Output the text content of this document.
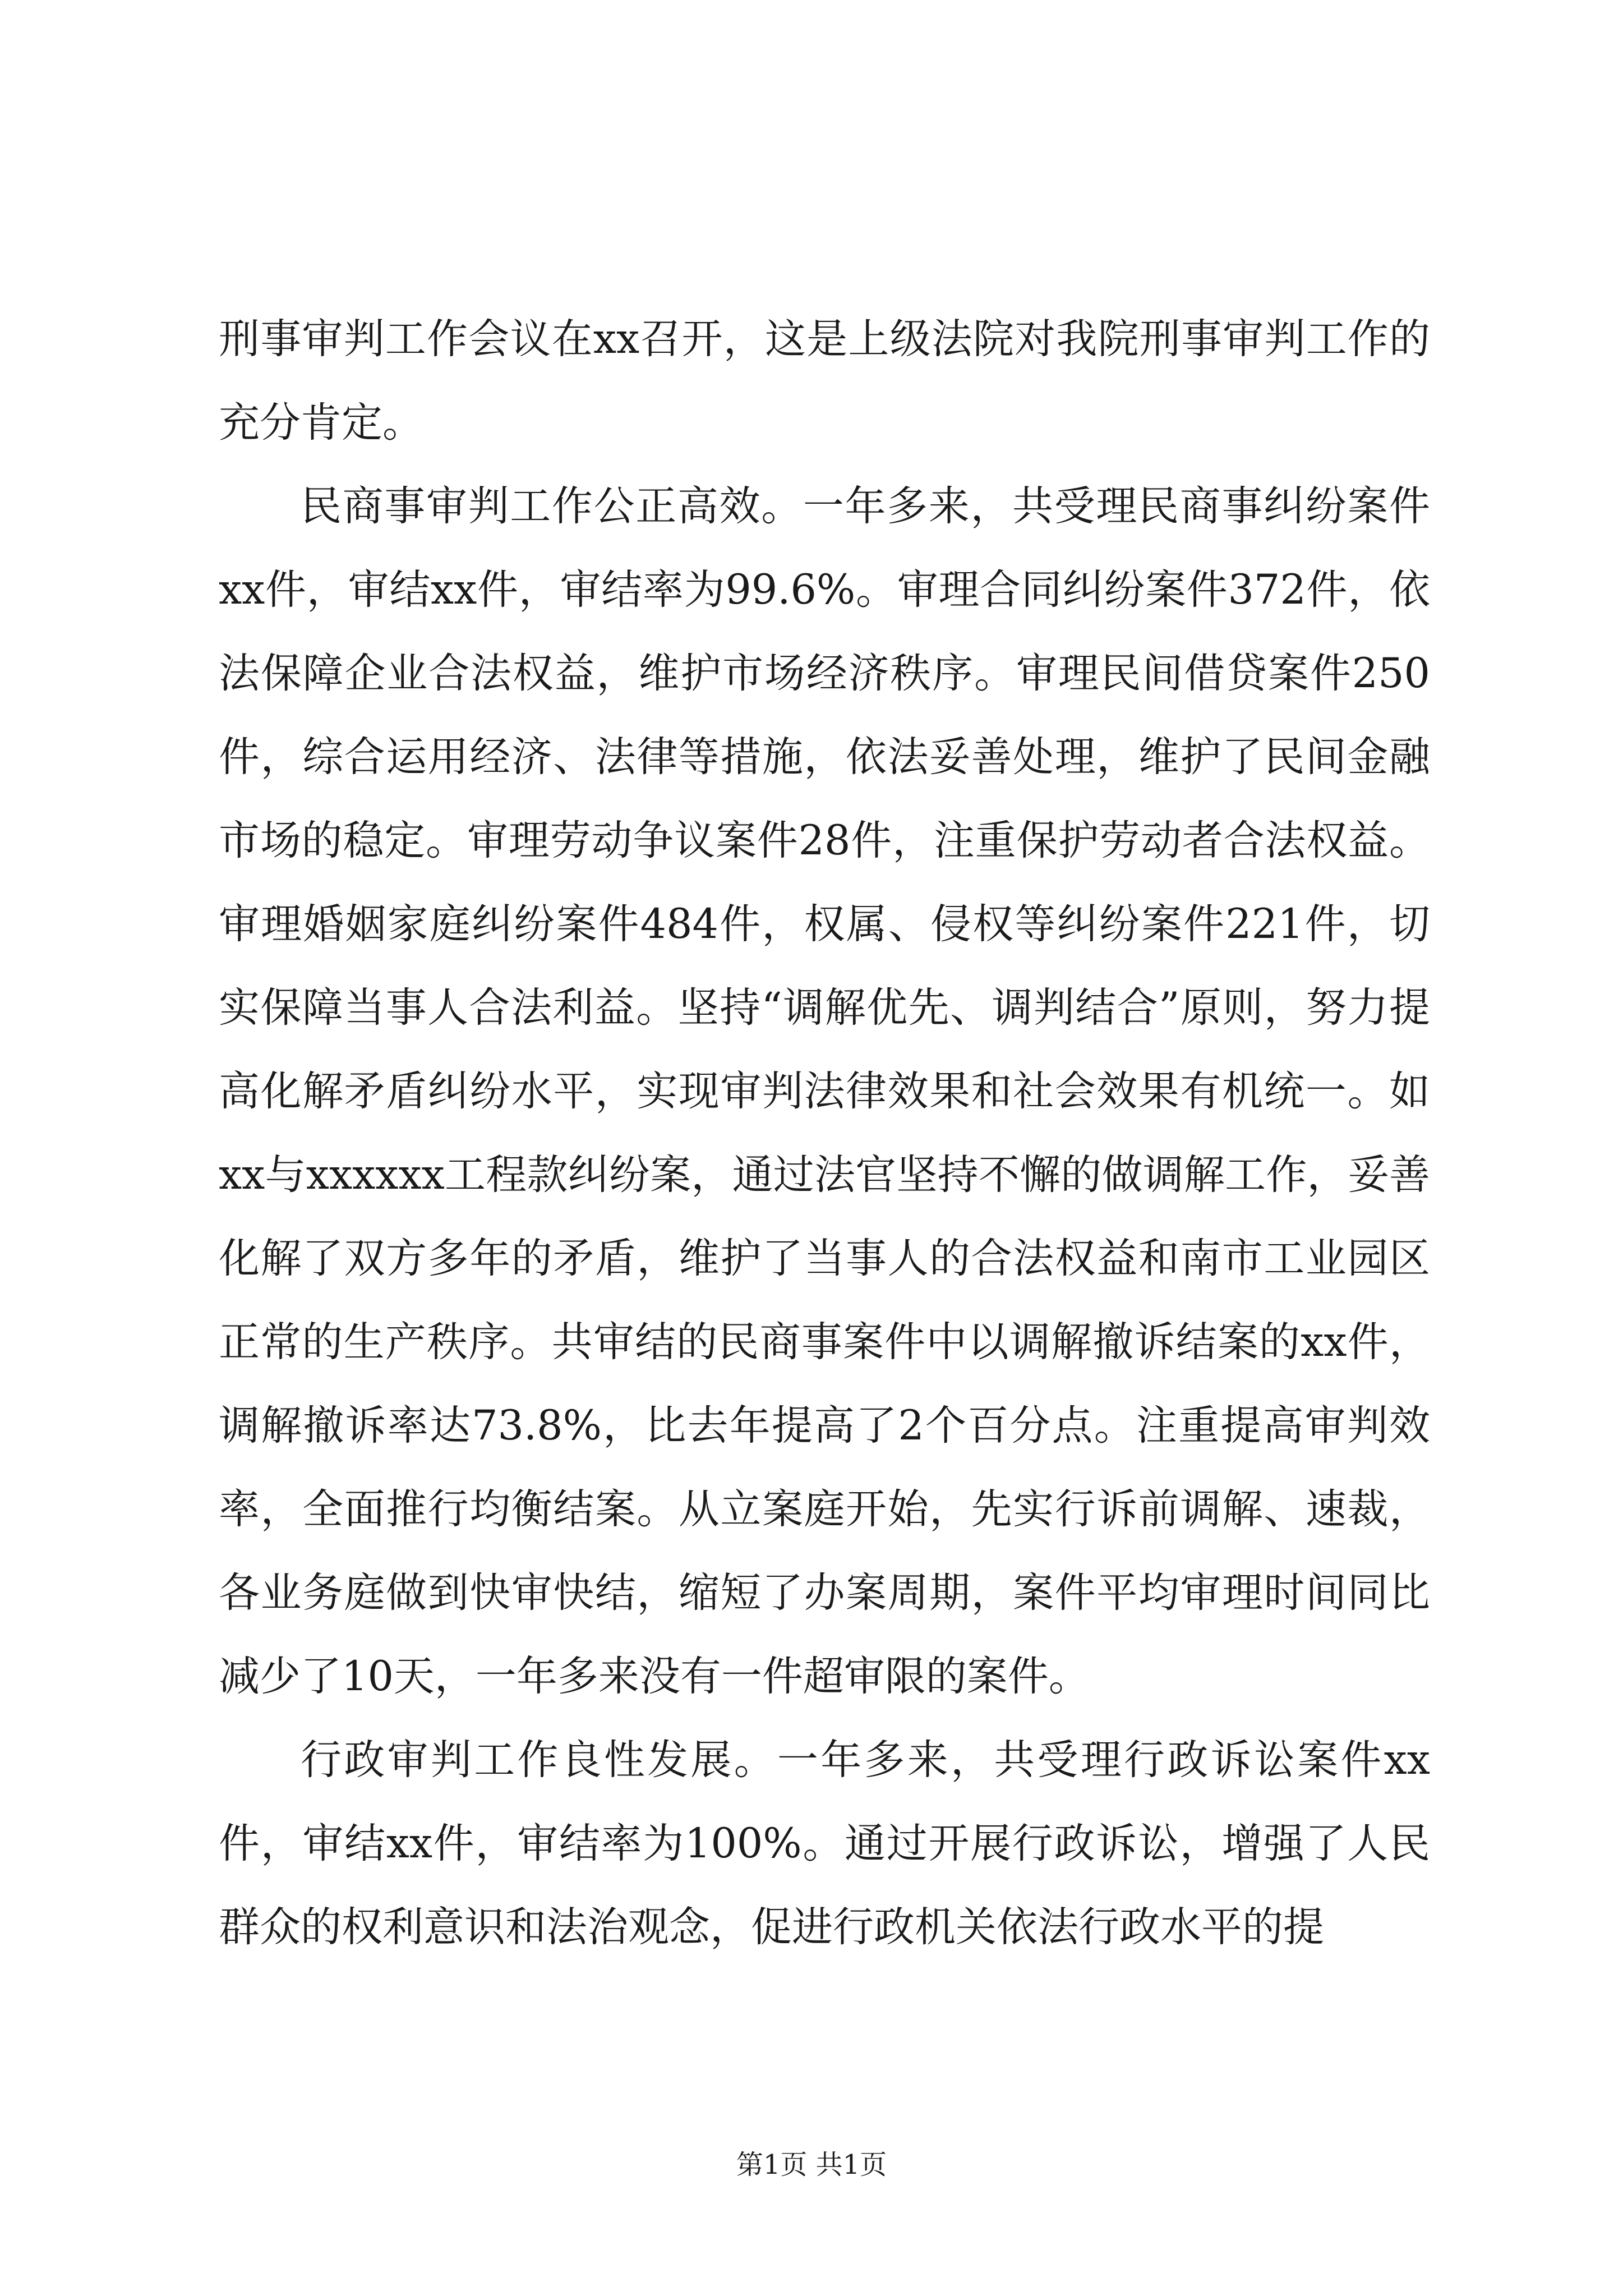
刑事审判工作会议在xx召开，这是上级法院对我院刑事审判工作的充分肯定。

民商事审判工作公正高效。一年多来，共受理民商事纠纷案件xx件，审结xx件，审结率为99.6%。审理合同纠纷案件372件，依法保障企业合法权益，维护市场经济秩序。审理民间借贷案件250件，综合运用经济、法律等措施，依法妥善处理，维护了民间金融市场的稳定。审理劳动争议案件28件，注重保护劳动者合法权益。审理婚姻家庭纠纷案件484件，权属、侵权等纠纷案件221件，切实保障当事人合法利益。坚持“调解优先、调判结合”原则，努力提高化解矛盾纠纷水平，实现审判法律效果和社会效果有机统一。如xx与xxxxxx工程款纠纷案，通过法官坚持不懈的做调解工作，妥善化解了双方多年的矛盾，维护了当事人的合法权益和南市工业园区正常的生产秩序。共审结的民商事案件中以调解撤诉结案的xx件，调解撤诉率达73.8%，比去年提高了2个百分点。注重提高审判效率，全面推行均衡结案。从立案庭开始，先实行诉前调解、速裁，各业务庭做到快审快结，缩短了办案周期，案件平均审理时间同比减少了10天，一年多来没有一件超审限的案件。

行政审判工作良性发展。一年多来，共受理行政诉讼案件xx件，审结xx件，审结率为100%。通过开展行政诉讼，增强了人民群众的权利意识和法治观念，促进行政机关依法行政水平的提

第1页 共1页
